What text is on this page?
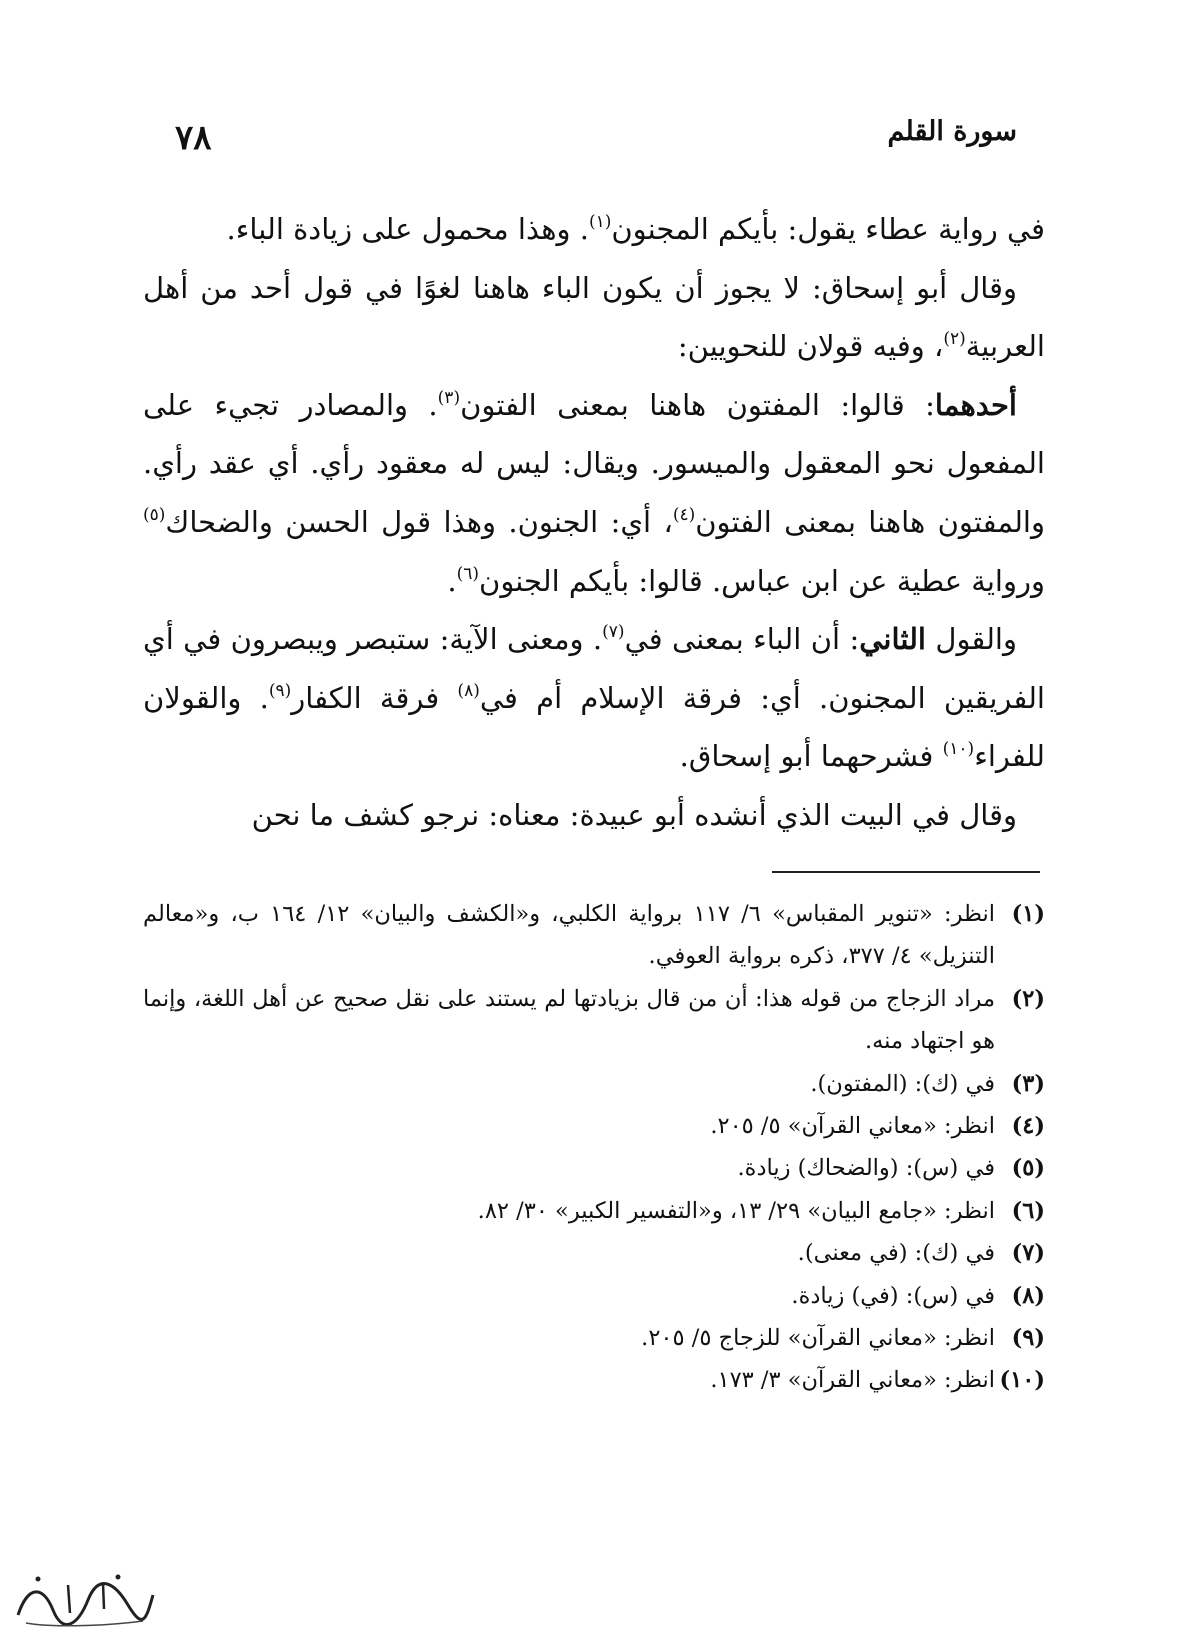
٧٨	سورة القلم

في رواية عطاء يقول: بأيكم المجنون$^{(١)}$. وهذا محمول على زيادة الباء.

وقال أبو إسحاق: لا يجوز أن يكون الباء هاهنا لغوًا في قول أحد من أهل العربية$^{(٢)}$، وفيه قولان للنحويين:

أحدهما: قالوا: المفتون هاهنا بمعنى الفتون$^{(٣)}$. والمصادر تجيء على المفعول نحو المعقول والميسور. ويقال: ليس له معقود رأي. أي عقد رأي. والمفتون هاهنا بمعنى الفتون$^{(٤)}$، أي: الجنون. وهذا قول الحسن والضحاك$^{(٥)}$ ورواية عطية عن ابن عباس. قالوا: بأيكم الجنون$^{(٦)}$.

والقول الثاني: أن الباء بمعنى في$^{(٧)}$. ومعنى الآية: ستبصر ويبصرون في أي الفريقين المجنون. أي: فرقة الإسلام أم في$^{(٨)}$ فرقة الكفار$^{(٩)}$. والقولان للفراء$^{(١٠)}$ فشرحهما أبو إسحاق.

وقال في البيت الذي أنشده أبو عبيدة: معناه: نرجو كشف ما نحن

(١)
انظر: «تنوير المقباس» ٦/ ١١٧ برواية الكلبي، و«الكشف والبيان» ١٢/ ١٦٤ ب، و«معالم التنزيل» ٤/ ٣٧٧، ذكره برواية العوفي.
(٢)
مراد الزجاج من قوله هذا: أن من قال بزيادتها لم يستند على نقل صحيح عن أهل اللغة، وإنما هو اجتهاد منه.
(٣)
في (ك): (المفتون).
(٤)
انظر: «معاني القرآن» ٥/ ٢٠٥.
(٥)
في (س): (والضحاك) زيادة.
(٦)
انظر: «جامع البيان» ٢٩/ ١٣، و«التفسير الكبير» ٣٠/ ٨٢.
(٧)
في (ك): (في معنى).
(٨)
في (س): (في) زيادة.
(٩)
انظر: «معاني القرآن» للزجاج ٥/ ٢٠٥.
(١٠)
انظر: «معاني القرآن» ٣/ ١٧٣.
